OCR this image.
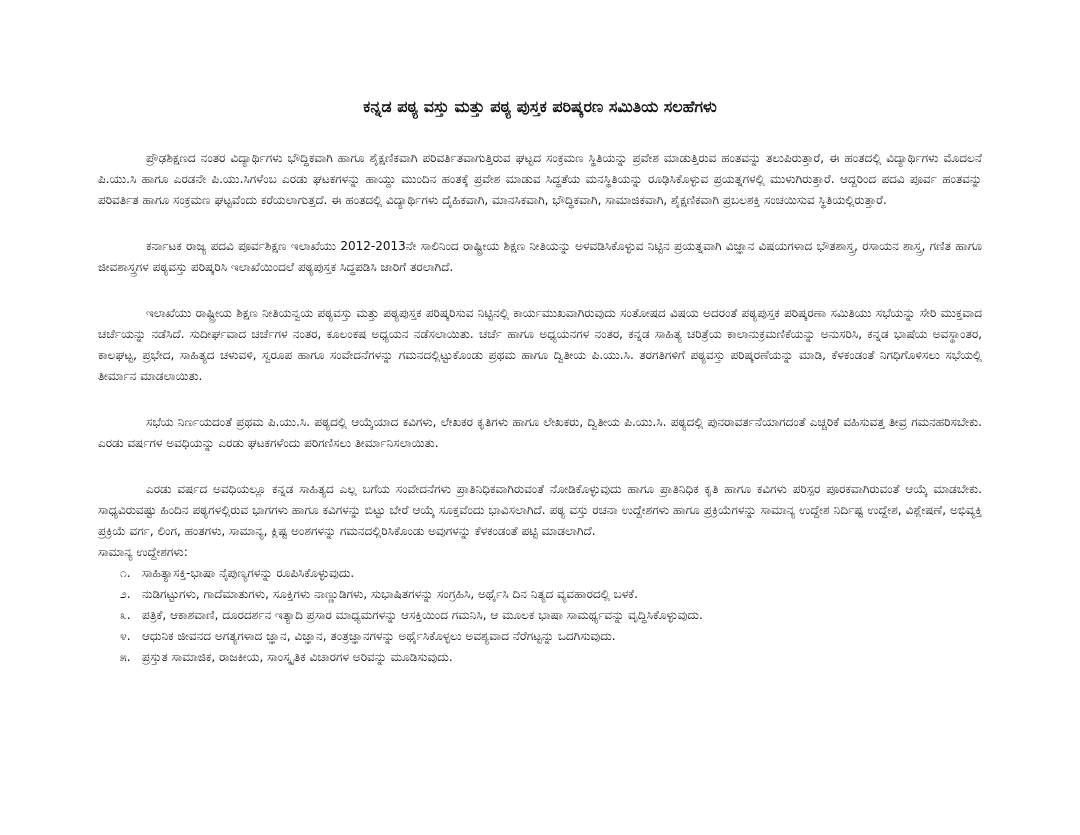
ಕನ್ನಡ ಪಠ್ಯ ವಸ್ತು ಮತ್ತು ಪಠ್ಯ ಪುಸ್ತಕ ಪರಿಷ್ಕರಣ ಸಮಿತಿಯ ಸಲಹೆಗಳು

ಪ್ರೌಢಶಿಕ್ಷಣದ ನಂತರ ವಿದ್ಯಾರ್ಥಿಗಳು ಭೌದ್ಧಿಕವಾಗಿ ಹಾಗೂ ಶೈಕ್ಷಣಿಕವಾಗಿ ಪರಿವರ್ತಿತವಾಗುತ್ತಿರುವ ಘಟ್ಟದ ಸಂಕ್ರಮಣ ಸ್ಥಿತಿಯನ್ನು ಪ್ರವೇಶ ಮಾಡುತ್ತಿರುವ ಹಂತವನ್ನು ತಲುಪಿರುತ್ತಾರೆ, ಈ ಹಂತದಲ್ಲಿ ವಿದ್ಯಾರ್ಥಿಗಳು ಮೊದಲನೆ ಪಿ.ಯು.ಸಿ ಹಾಗೂ ಎರಡನೇ ಪಿ.ಯು.ಸಿಗಳೆಂಬ ಎರಡು ಘಟಕಗಳನ್ನು ಹಾಯ್ದು ಮುಂದಿನ ಹಂತಕ್ಕೆ ಪ್ರವೇಶ ಮಾಡುವ ಸಿದ್ಧತೆಯ ಮನಸ್ಥಿತಿಯನ್ನು ರೂಢಿಸಿಕೊಳ್ಳುವ ಪ್ರಯತ್ನಗಳಲ್ಲಿ ಮುಳುಗಿರುತ್ತಾರೆ. ಆದ್ದರಿಂದ ಪದವಿ ಪೂರ್ವ ಹಂತವನ್ನು ಪರಿವರ್ತಿತ ಹಾಗೂ ಸಂಕ್ರಮಣ ಘಟ್ಟವೆಂದು ಕರೆಯಲಾಗುತ್ತದೆ. ಈ ಹಂತದಲ್ಲಿ ವಿದ್ಯಾರ್ಥಿಗಳು ದೈಹಿಕವಾಗಿ, ಮಾನಸಿಕವಾಗಿ, ಭೌದ್ಧಿಕವಾಗಿ, ಸಾಮಾಜಿಕವಾಗಿ, ಶೈಕ್ಷಣಿಕವಾಗಿ ಪ್ರಬಲಶಕ್ತಿ ಸಂಚಯಿಸುವ ಸ್ಥಿತಿಯಲ್ಲಿರುತ್ತಾರೆ.

ಕರ್ನಾಟಕ ರಾಜ್ಯ ಪದವಿ ಪೂರ್ವಶಿಕ್ಷಣ ಇಲಾಖೆಯು 2012-2013ನೇ ಸಾಲಿನಿಂದ ರಾಷ್ಟ್ರೀಯ ಶಿಕ್ಷಣ ನೀತಿಯನ್ನು ಅಳವಡಿಸಿಕೊಳ್ಳುವ ನಿಟ್ಟಿನ ಪ್ರಯತ್ನವಾಗಿ ವಿಜ್ಞಾನ ವಿಷಯಗಳಾದ ಭೌತಶಾಸ್ತ್ರ, ರಸಾಯನ ಶಾಸ್ತ್ರ, ಗಣಿತ ಹಾಗೂ ಜೀವಶಾಸ್ತ್ರಗಳ ಪಠ್ಯವಸ್ತು ಪರಿಷ್ಕರಿಸಿ ಇಲಾಖೆಯಿಂದಲೆ ಪಠ್ಯಪುಸ್ತಕ ಸಿದ್ಧಪಡಿಸಿ ಜಾರಿಗೆ ತರಲಾಗಿದೆ.

ಇಲಾಖೆಯು ರಾಷ್ಟ್ರೀಯ ಶಿಕ್ಷಣ ನೀತಿಯನ್ವಯ ಪಠ್ಯವಸ್ತು ಮತ್ತು ಪಠ್ಯಪುಸ್ತಕ ಪರಿಷ್ಕರಿಸುವ ನಿಟ್ಟಿನಲ್ಲಿ ಕಾರ್ಯಮುಖವಾಗಿರುವುದು ಸಂತೋಷದ ವಿಷಯ ಅದರಂತೆ ಪಠ್ಯಪುಸ್ತಕ ಪರಿಷ್ಕರಣಾ ಸಮಿತಿಯು ಸಭೆಯನ್ನು ಸೇರಿ ಮುಕ್ತವಾದ ಚರ್ಚೆಯನ್ನು ನಡೆಸಿದೆ. ಸುದೀರ್ಘವಾದ ಚರ್ಚೆಗಳ ನಂತರ, ಕೂಲಂಕಷ ಅಧ್ಯಯನ ನಡೆಸಲಾಯಿತು. ಚರ್ಚೆ ಹಾಗೂ ಅಧ್ಯಯನಗಳ ನಂತರ, ಕನ್ನಡ ಸಾಹಿತ್ಯ ಚರಿತ್ರೆಯ ಕಾಲಾನುಕ್ರಮಣಿಕೆಯನ್ನು ಅನುಸರಿಸಿ, ಕನ್ನಡ ಭಾಷೆಯ ಅವಸ್ಥಾಂತರ, ಕಾಲಘಟ್ಟ, ಪ್ರಭೇದ, ಸಾಹಿತ್ಯದ ಚಳುವಳಿ, ಸ್ವರೂಪ ಹಾಗೂ ಸಂವೇದನೆಗಳನ್ನು ಗಮನದಲ್ಲಿಟ್ಟುಕೊಂಡು ಪ್ರಥಮ ಹಾಗೂ ದ್ವಿತೀಯ ಪಿ.ಯು.ಸಿ. ತರಗತಿಗಳಿಗೆ ಪಠ್ಯವಸ್ತು ಪರಿಷ್ಕರಣೆಯನ್ನು ಮಾಡಿ, ಕೆಳಕಂಡಂತೆ ನಿಗಧಿಗೊಳಿಸಲು ಸಭೆಯಲ್ಲಿ ತೀರ್ಮಾನ ಮಾಡಲಾಯಿತು.

ಸಭೆಯ ನಿರ್ಣಯದಂತೆ ಪ್ರಥಮ ಪಿ.ಯು.ಸಿ. ಪಠ್ಯದಲ್ಲಿ ಆಯ್ಕೆಯಾದ ಕವಿಗಳು, ಲೇಖಕರ ಕೃತಿಗಳು ಹಾಗೂ ಲೇಖಕರು, ದ್ವಿತೀಯ ಪಿ.ಯು.ಸಿ. ಪಠ್ಯದಲ್ಲಿ ಪುನರಾವರ್ತನೆಯಾಗದಂತೆ ಎಚ್ಚರಿಕೆ ವಹಿಸುವತ್ತ ತೀವ್ರ ಗಮನಹರಿಸಬೇಕು. ಎರಡು ವರ್ಷಗಳ ಅವಧಿಯನ್ನು ಎರಡು ಘಟಕಗಳೆಂದು ಪರಿಗಣಿಸಲು ತೀರ್ಮಾನಿಸಲಾಯಿತು.

ಎರಡು ವರ್ಷದ ಅವಧಿಯಲ್ಲೂ ಕನ್ನಡ ಸಾಹಿತ್ಯದ ಎಲ್ಲ ಬಗೆಯ ಸಂವೇದನೆಗಳು ಪ್ರಾತಿನಿಧಿಕವಾಗಿರುವಂತೆ ನೋಡಿಕೊಳ್ಳುವುದು ಹಾಗೂ ಪ್ರಾತಿನಿಧಿಕ ಕೃತಿ ಹಾಗೂ ಕವಿಗಳು ಪರಿಸ್ಪರ ಪೂರಕವಾಗಿರುವಂತೆ ಆಯ್ಕೆ ಮಾಡಬೇಕು. ಸಾಧ್ಯವಿರುವಷ್ಟು ಹಿಂದಿನ ಪಠ್ಯಗಳಲ್ಲಿರುವ ಭಾಗಗಳು ಹಾಗೂ ಕವಿಗಳನ್ನು ಬಿಟ್ಟು ಬೇರೆ ಆಯ್ಕೆ ಸೂಕ್ತವೆಂದು ಭಾವಿಸಲಾಗಿದೆ. ಪಠ್ಯ ವಸ್ತು ರಚನಾ ಉದ್ದೇಶಗಳು ಹಾಗೂ ಪ್ರಕ್ರಿಯೆಗಳನ್ನು ಸಾಮಾನ್ಯ ಉದ್ದೇಶ ನಿರ್ದಿಷ್ಟ ಉದ್ದೇಶ, ವಿಶ್ಲೇಷಣೆ, ಅಭಿವ್ಯಕ್ತಿ ಪ್ರಕ್ರಿಯೆ ವರ್ಗ, ಲಿಂಗ, ಹಂತಗಳು, ಸಾಮಾನ್ಯ, ಕ್ಲಿಷ್ಟ ಅಂಶಗಳನ್ನು ಗಮನದಲ್ಲಿರಿಸಿಕೊಂಡು ಅವುಗಳನ್ನು ಕೆಳಕಂಡಂತೆ ಪಟ್ಟಿ ಮಾಡಲಾಗಿದೆ.

ಸಾಮಾನ್ಯ ಉದ್ದೇಶಗಳು:

೧. ಸಾಹಿತ್ಯಾಸಕ್ತಿ-ಭಾಷಾ ನೈಪುಣ್ಯಗಳನ್ನು ರೂಪಿಸಿಕೊಳ್ಳುವುದು.
೨. ನುಡಿಗಟ್ಟುಗಳು, ಗಾದೆಮಾತುಗಳು, ಸೂಕ್ತಿಗಳು ನಾಣ್ಣುಡಿಗಳು, ಸುಭಾಷಿತಗಳನ್ನು ಸಂಗ್ರಹಿಸಿ, ಅರ್ಥೈಸಿ ದಿನ ನಿತ್ಯದ ವ್ಯವಹಾರದಲ್ಲಿ ಬಳಕೆ.
೩. ಪತ್ರಿಕೆ, ಆಕಾಶವಾಣಿ, ದೂರದರ್ಶನ ಇತ್ಯಾದಿ ಪ್ರಸಾರ ಮಾಧ್ಯಮಗಳನ್ನು ಆಸಕ್ತಿಯಿಂದ ಗಮನಿಸಿ, ಆ ಮೂಲಕ ಭಾಷಾ ಸಾಮರ್ಥ್ಯವನ್ನು ವೃದ್ಧಿಸಿಕೊಳ್ಳುವುದು.
೪. ಆಧುನಿಕ ಜೀವನದ ಅಗತ್ಯಗಳಾದ ಜ್ಞಾನ, ವಿಜ್ಞಾನ, ತಂತ್ರಜ್ಞಾನಗಳನ್ನು ಅರ್ಥೈಸಿಕೊಳ್ಳಲು ಅವಶ್ಯವಾದ ನೆರೆಗಟ್ಟನ್ನು ಒದಗಿಸುವುದು.
೫. ಪ್ರಸ್ತುತ ಸಾಮಾಜಿಕ, ರಾಜಕೀಯ, ಸಾಂಸ್ಕೃತಿಕ ವಿಚಾರಗಳ ಅರಿವನ್ನು ಮೂಡಿಸುವುದು.
